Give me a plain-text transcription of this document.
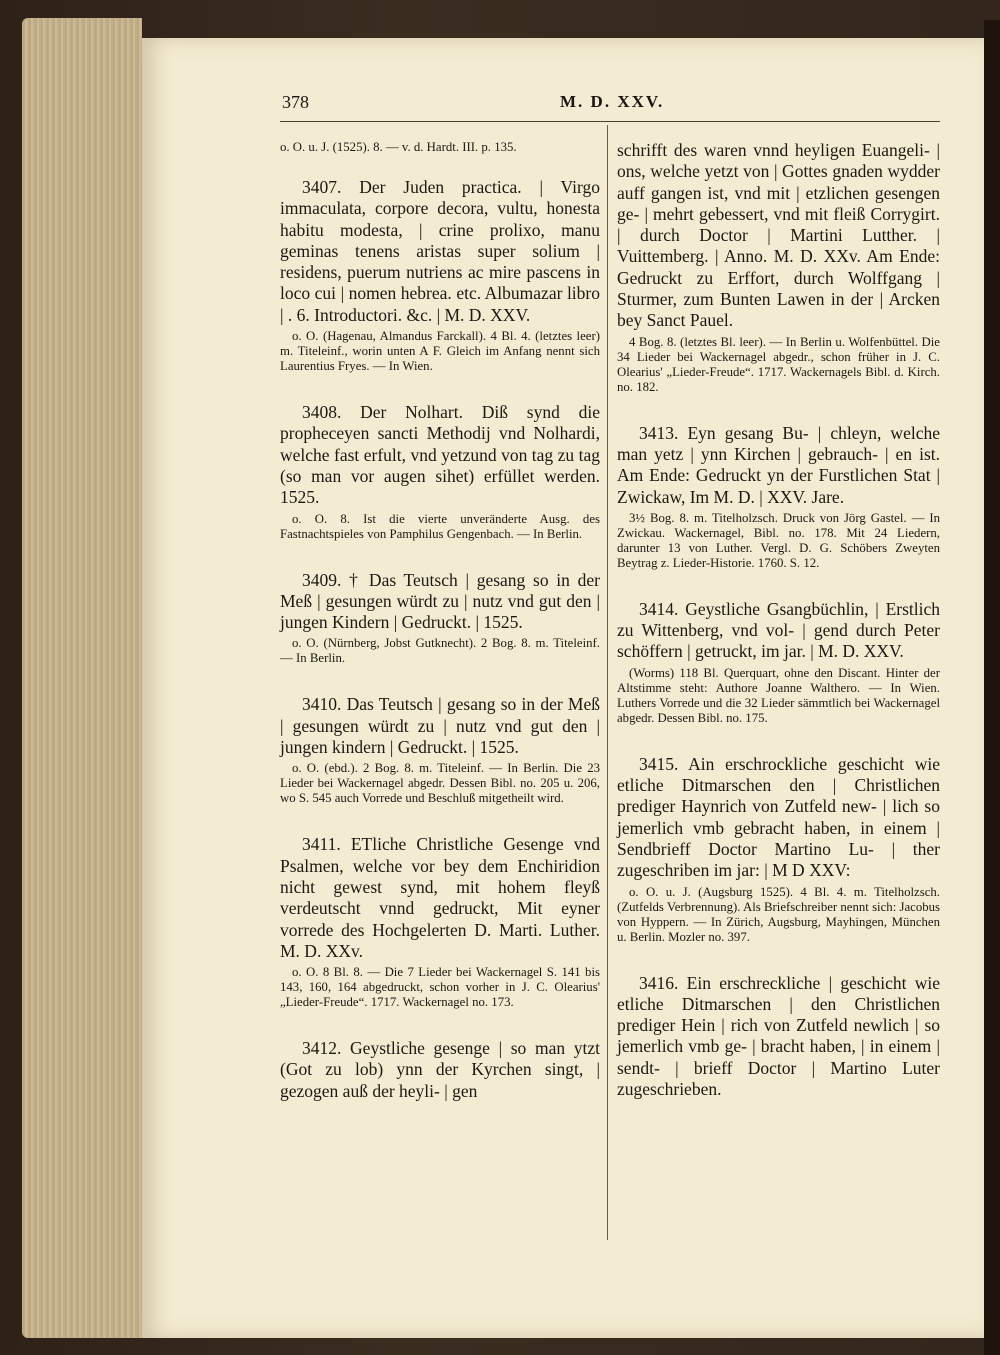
378	M. D. XXV.

o. O. u. J. (1525). 8. — v. d. Hardt. III. p. 135.

3407. Der Juden practica. | Virgo immaculata, corpore decora, vultu, honesta habitu modesta, | crine prolixo, manu geminas tenens aristas super solium | residens, puerum nutriens ac mire pascens in loco cui | nomen hebrea. etc. Albumazar libro | . 6. Introductori. &c. | M. D. XXV.

o. O. (Hagenau, Almandus Farckall). 4 Bl. 4. (letztes leer) m. Titeleinf., worin unten A F. Gleich im Anfang nennt sich Laurentius Fryes. — In Wien.

3408. Der Nolhart. Diß synd die propheceyen sancti Methodij vnd Nolhardi, welche fast erfult, vnd yetzund von tag zu tag (so man vor augen sihet) erfüllet werden. 1525.

o. O. 8. Ist die vierte unveränderte Ausg. des Fastnachtspieles von Pamphilus Gengenbach. — In Berlin.

3409. † Das Teutsch | gesang so in der Meß | gesungen würdt zu | nutz vnd gut den | jungen Kindern | Gedruckt. | 1525.

o. O. (Nürnberg, Jobst Gutknecht). 2 Bog. 8. m. Titeleinf. — In Berlin.

3410. Das Teutsch | gesang so in der Meß | gesungen würdt zu | nutz vnd gut den | jungen kindern | Gedruckt. | 1525.

o. O. (ebd.). 2 Bog. 8. m. Titeleinf. — In Berlin. Die 23 Lieder bei Wackernagel abgedr. Dessen Bibl. no. 205 u. 206, wo S. 545 auch Vorrede und Beschluß mitgetheilt wird.

3411. ETliche Christliche Gesenge vnd Psalmen, welche vor bey dem Enchiridion nicht gewest synd, mit hohem fleyß verdeutscht vnnd gedruckt, Mit eyner vorrede des Hochgelerten D. Marti. Luther. M. D. XXv.

o. O. 8 Bl. 8. — Die 7 Lieder bei Wackernagel S. 141 bis 143, 160, 164 abgedruckt, schon vorher in J. C. Olearius' „Lieder-Freude“. 1717. Wackernagel no. 173.

3412. Geystliche gesenge | so man ytzt (Got zu lob) ynn der Kyrchen singt, | gezogen auß der heyli- | gen

schrifft des waren vnnd heyligen Euangeli- | ons, welche yetzt von | Gottes gnaden wydder auff gangen ist, vnd mit | etzlichen gesengen ge- | mehrt gebessert, vnd mit fleiß Corrygirt. | durch Doctor | Martini Lutther. | Vuittemberg. | Anno. M. D. XXv. Am Ende: Gedruckt zu Erffort, durch Wolffgang | Sturmer, zum Bunten Lawen in der | Arcken bey Sanct Pauel.

4 Bog. 8. (letztes Bl. leer). — In Berlin u. Wolfenbüttel. Die 34 Lieder bei Wackernagel abgedr., schon früher in J. C. Olearius' „Lieder-Freude“. 1717. Wackernagels Bibl. d. Kirch. no. 182.

3413. Eyn gesang Bu- | chleyn, welche man yetz | ynn Kirchen | gebrauch- | en ist. Am Ende: Gedruckt yn der Furstlichen Stat | Zwickaw, Im M. D. | XXV. Jare.

3½ Bog. 8. m. Titelholzsch. Druck von Jörg Gastel. — In Zwickau. Wackernagel, Bibl. no. 178. Mit 24 Liedern, darunter 13 von Luther. Vergl. D. G. Schöbers Zweyten Beytrag z. Lieder-Historie. 1760. S. 12.

3414. Geystliche Gsangbüchlin, | Erstlich zu Wittenberg, vnd vol- | gend durch Peter schöffern | getruckt, im jar. | M. D. XXV.

(Worms) 118 Bl. Querquart, ohne den Discant. Hinter der Altstimme steht: Authore Joanne Walthero. — In Wien. Luthers Vorrede und die 32 Lieder sämmtlich bei Wackernagel abgedr. Dessen Bibl. no. 175.

3415. Ain erschrockliche geschicht wie etliche Ditmarschen den | Christlichen prediger Haynrich von Zutfeld new- | lich so jemerlich vmb gebracht haben, in einem | Sendbrieff Doctor Martino Lu- | ther zugeschriben im jar: | M D XXV:

o. O. u. J. (Augsburg 1525). 4 Bl. 4. m. Titelholzsch. (Zutfelds Verbrennung). Als Briefschreiber nennt sich: Jacobus von Hyppern. — In Zürich, Augsburg, Mayhingen, München u. Berlin. Mozler no. 397.

3416. Ein erschreckliche | geschicht wie etliche Ditmarschen | den Christlichen prediger Hein | rich von Zutfeld newlich | so jemerlich vmb ge- | bracht haben, | in einem | sendt- | brieff Doctor | Martino Luter zugeschrieben.
